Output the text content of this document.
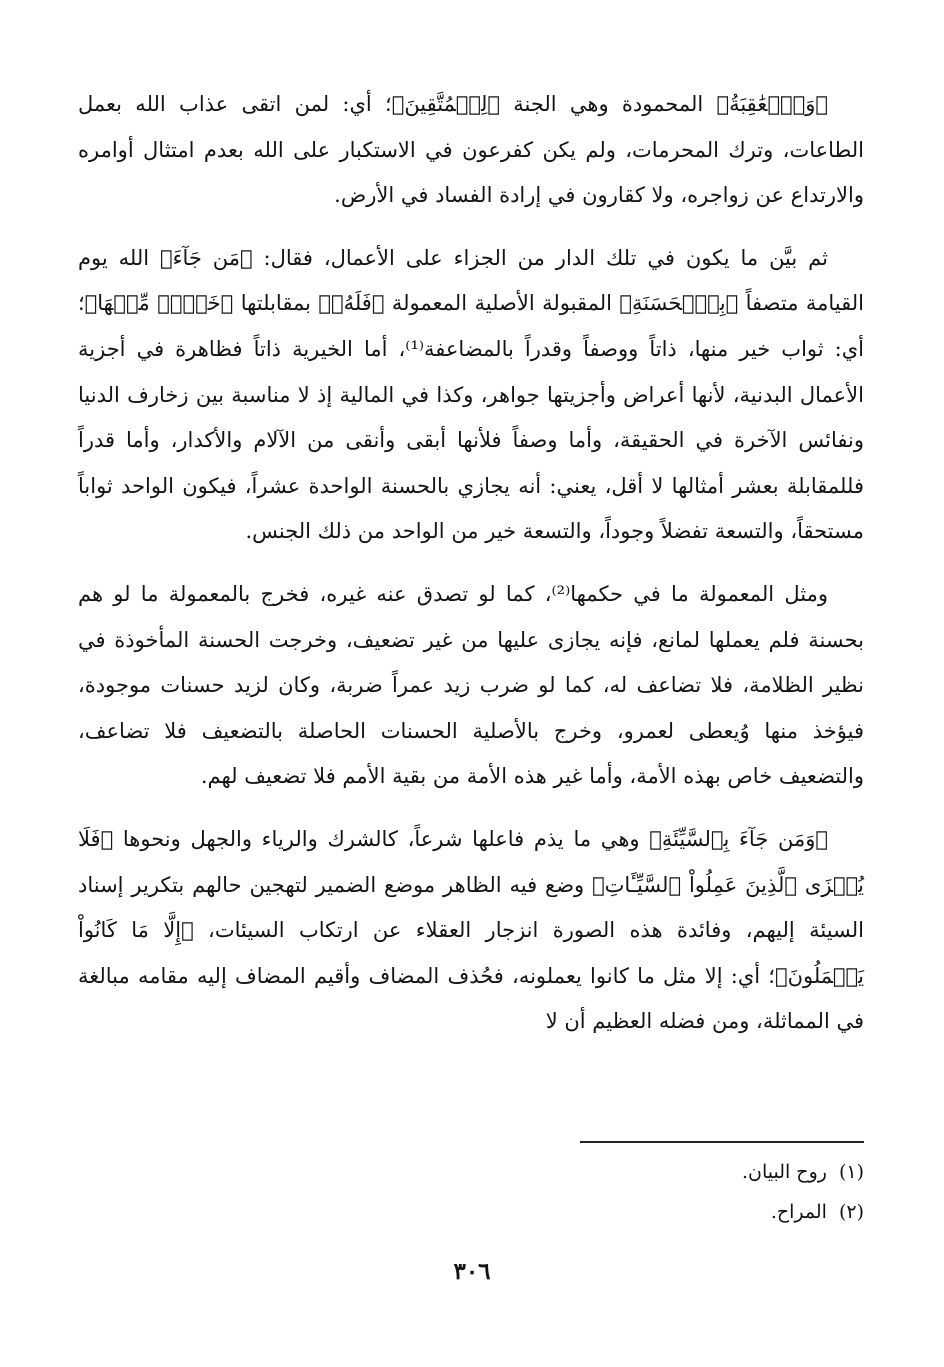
﴿وَٱلۡعَٰقِبَةُ﴾ المحمودة وهي الجنة ﴿لِلۡمُتَّقِينَ﴾؛ أي: لمن اتقى عذاب الله بعمل الطاعات، وترك المحرمات، ولم يكن كفرعون في الاستكبار على الله بعدم امتثال أوامره والارتداع عن زواجره، ولا كقارون في إرادة الفساد في الأرض.

ثم بيَّن ما يكون في تلك الدار من الجزاء على الأعمال، فقال: ﴿مَن جَآءَ﴾ الله يوم القيامة متصفاً ﴿بِٱلۡحَسَنَةِ﴾ المقبولة الأصلية المعمولة ﴿فَلَهُۥ﴾ بمقابلتها ﴿خَيۡرٞ مِّنۡهَا﴾؛ أي: ثواب خير منها، ذاتاً ووصفاً وقدراً بالمضاعفة⁽¹⁾، أما الخيرية ذاتاً فظاهرة في أجزية الأعمال البدنية، لأنها أعراض وأجزيتها جواهر، وكذا في المالية إذ لا مناسبة بين زخارف الدنيا ونفائس الآخرة في الحقيقة، وأما وصفاً فلأنها أبقى وأنقى من الآلام والأكدار، وأما قدراً فللمقابلة بعشر أمثالها لا أقل، يعني: أنه يجازي بالحسنة الواحدة عشراً، فيكون الواحد ثواباً مستحقاً، والتسعة تفضلاً وجوداً، والتسعة خير من الواحد من ذلك الجنس.

ومثل المعمولة ما في حكمها⁽²⁾، كما لو تصدق عنه غيره، فخرج بالمعمولة ما لو هم بحسنة فلم يعملها لمانع، فإنه يجازى عليها من غير تضعيف، وخرجت الحسنة المأخوذة في نظير الظلامة، فلا تضاعف له، كما لو ضرب زيد عمراً ضربة، وكان لزيد حسنات موجودة، فيؤخذ منها وُيعطى لعمرو، وخرج بالأصلية الحسنات الحاصلة بالتضعيف فلا تضاعف، والتضعيف خاص بهذه الأمة، وأما غير هذه الأمة من بقية الأمم فلا تضعيف لهم.

﴿وَمَن جَآءَ بِٱلسَّيِّئَةِ﴾ وهي ما يذم فاعلها شرعاً، كالشرك والرياء والجهل ونحوها ﴿فَلَا يُجۡزَى ٱلَّذِينَ عَمِلُواْ ٱلسَّيِّـَٔاتِ﴾ وضع فيه الظاهر موضع الضمير لتهجين حالهم بتكرير إسناد السيئة إليهم، وفائدة هذه الصورة انزجار العقلاء عن ارتكاب السيئات، ﴿إِلَّا مَا كَانُواْ يَعۡمَلُونَ﴾؛ أي: إلا مثل ما كانوا يعملونه، فحُذف المضاف وأقيم المضاف إليه مقامه مبالغة في المماثلة، ومن فضله العظيم أن لا

(١)
روح البيان.

(٢)
المراح.

٣٠٦
